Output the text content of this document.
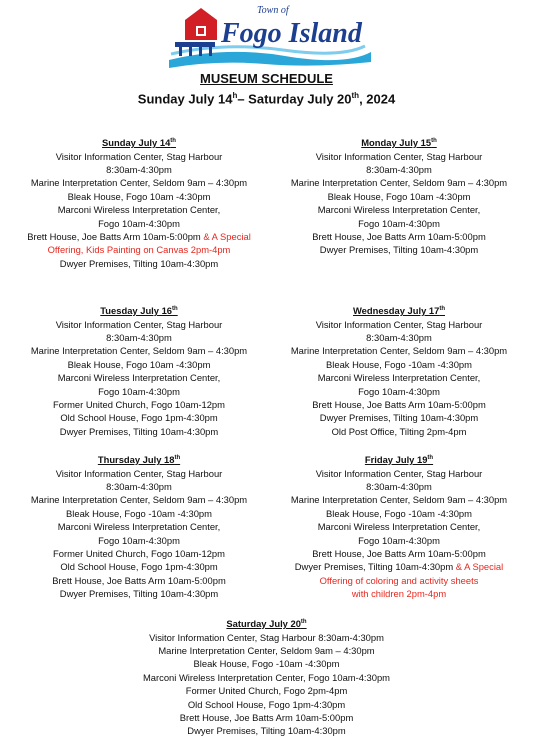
Town of
Fogo Island
MUSEUM SCHEDULE
Sunday July 14$^h$– Saturday July 20th, 2024
Sunday July 14th
Visitor Information Center, Stag Harbour
8:30am-4:30pm
Marine Interpretation Center, Seldom 9am – 4:30pm
Bleak House, Fogo 10am -4:30pm
Marconi Wireless Interpretation Center,
Fogo 10am-4:30pm
Brett House, Joe Batts Arm 10am-5:00pm & A Special
Offering, Kids Painting on Canvas 2pm-4pm
Dwyer Premises, Tilting 10am-4:30pm
Monday July 15th
Visitor Information Center, Stag Harbour
8:30am-4:30pm
Marine Interpretation Center, Seldom 9am – 4:30pm
Bleak House, Fogo 10am -4:30pm
Marconi Wireless Interpretation Center,
Fogo 10am-4:30pm
Brett House, Joe Batts Arm 10am-5:00pm
Dwyer Premises, Tilting 10am-4:30pm
Tuesday July 16th
Visitor Information Center, Stag Harbour
8:30am-4:30pm
Marine Interpretation Center, Seldom 9am – 4:30pm
Bleak House, Fogo 10am -4:30pm
Marconi Wireless Interpretation Center,
Fogo 10am-4:30pm
Former United Church, Fogo 10am-12pm
Old School House, Fogo 1pm-4:30pm
Dwyer Premises, Tilting 10am-4:30pm
Wednesday July 17th
Visitor Information Center, Stag Harbour
8:30am-4:30pm
Marine Interpretation Center, Seldom 9am – 4:30pm
Bleak House, Fogo -10am -4:30pm
Marconi Wireless Interpretation Center,
Fogo 10am-4:30pm
Brett House, Joe Batts Arm 10am-5:00pm
Dwyer Premises, Tilting 10am-4:30pm
Old Post Office, Tilting 2pm-4pm
Thursday July 18th
Visitor Information Center, Stag Harbour
8:30am-4:30pm
Marine Interpretation Center, Seldom 9am – 4:30pm
Bleak House, Fogo -10am -4:30pm
Marconi Wireless Interpretation Center,
Fogo 10am-4:30pm
Former United Church, Fogo 10am-12pm
Old School House, Fogo 1pm-4:30pm
Brett House, Joe Batts Arm 10am-5:00pm
Dwyer Premises, Tilting 10am-4:30pm
Friday July 19th
Visitor Information Center, Stag Harbour
8:30am-4:30pm
Marine Interpretation Center, Seldom 9am – 4:30pm
Bleak House, Fogo -10am -4:30pm
Marconi Wireless Interpretation Center,
Fogo 10am-4:30pm
Brett House, Joe Batts Arm 10am-5:00pm
Dwyer Premises, Tilting 10am-4:30pm & A Special
Offering of coloring and activity sheets
with children 2pm-4pm
Saturday July 20th
Visitor Information Center, Stag Harbour 8:30am-4:30pm
Marine Interpretation Center, Seldom 9am – 4:30pm
Bleak House, Fogo -10am -4:30pm
Marconi Wireless Interpretation Center, Fogo 10am-4:30pm
Former United Church, Fogo 2pm-4pm
Old School House, Fogo 1pm-4:30pm
Brett House, Joe Batts Arm 10am-5:00pm
Dwyer Premises, Tilting 10am-4:30pm
